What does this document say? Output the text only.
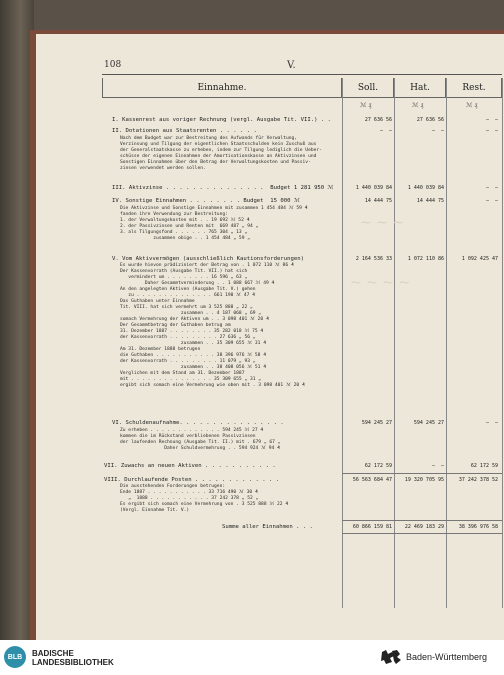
108	V.
Einnahme.	Soll.	Hat.	Rest.
ℳ ₰	ℳ ₰	ℳ ₰
~ ~ ~
~ ~ ~ ~
I. Kassenrest aus voriger Rechnung (vergl. Ausgabe Tit. VII.) . .	27 636 56	27 636 56	—  —
II. Dotationen aus Staatsrenten . . . . . .	—  —	—  —	—  —
Nach dem Budget war zur Bestreitung des Aufwands für Verwaltung,
Verzinsung und Tilgung der eigentlichen Staatsschulden kein Zuschuß aus
der Generalstaatskasse zu erheben, indem zur Tilgung lediglich die Ueber-
schüsse der eigenen Einnahmen der Amortisationskasse an Aktivzinsen und
Sonstigen Einnahmen über den Betrag der Verwaltungskosten und Passiv-
zinsen verwendet werden sollen.
III. Aktivzinse . . . . . . . . . . . . . . .  Budget 1 281 950 ℳ	1 440 039 84	1 440 039 84	—  —
IV. Sonstige Einnahmen . . . . . . . . Budget  15 000 ℳ	14 444 75	14 444 75	—  —
Die Aktivzinse und Sonstige Einnahmen mit zusammen 1 454 484 ℳ 59 ₰
fanden ihre Verwendung zur Bestreitung:
1. der Verwaltungskosten mit . . 19 692 ℳ 52 ₰
2. der Passivzinsen und Renten mit  669 487 „ 94 „
3. als Tilgungsfond . . . . . . 765 304 „ 13 „
zusammen obige . . 1 454 484 „ 59 „
V. Vom Aktivvermögen (ausschließlich Kautionsforderungen)	2 164 536 33	1 072 110 86	1 092 425 47
Es wurde hievon prädiziniert der Betrag von . 1 072 110 ℳ 86 ₰
Der Kassenvorrath (Ausgabe Tit. VII.) hat sich
vermindert um . . . . . . . . 16 596 „ 63 „
Daher Gesammtverminderung . . 1 088 667 ℳ 49 ₰
An den angelegten Aktiven (Ausgabe Tit. V.) gehen
zu . . . . . . . . . . . . . . 661 190 ℳ 47 ₰
Das Guthaben unter Einnahme
Tit. VIII. hat sich vermehrt um 3 525 888 „ 22 „
zusammen . . 4 187 068 „ 69 „
somach Vermehrung der Aktiven um . . 3 098 401 ℳ 20 ₰
Der Gesammtbetrag der Guthaben betrug am
31. Dezember 1887 . . . . . . . . 35 282 018 ℳ 75 ₰
der Kassenvorrath . . . . . . . . . 27 636 „ 56 „
zusammen . . 35 309 655 ℳ 31 ₰
Am 31. Dezember 1888 betrugen
die Guthaben . . . . . . . . . . . 38 396 976 ℳ 58 ₰
der Kassenvorrath . . . . . . . . . 11 079 „ 93 „
zusammen . . 38 408 056 ℳ 51 ₰
Verglichen mit dem Stand am 31. Dezember 1887
mit . . . . . . . . . . . . . . . 35 309 655 „ 31 „
ergibt sich somach eine Vermehrung wie oben mit . 3 098 401 ℳ 20 ₰
VI. Schuldenaufnahme. . . . . . . . . . . . . . . .	594 245 27	594 245 27	—  —
Zu erheben . . . . . . . . . . . . . 594 245 ℳ 27 ₰
kommen die im Rückstand verbliebenen Passivzinsen
der laufenden Rechnung (Ausgabe Tit. II.) mit . 679 „ 67 „
Daher Schuldvermehrung . . 594 924 ℳ 94 ₰
VII. Zuwachs an neuen Aktiven . . . . . . . . . . .	62 172 59	—  —	62 172 59
VIII. Durchlaufende Posten . . . . . . . . . . . . .	56 563 684 47	19 320 705 95	37 242 378 52
Die ausstehenden Forderungen betrugen:
Ende 1887 . . . . . . . . . . . 33 716 490 ℳ 30 ₰
„  1888 . . . . . . . . . . . 37 242 378 „ 52 „
Es ergibt sich somach eine Vermehrung von . 3 525 888 ℳ 22 ₰
(Vergl. Einnahme Tit. V.)
Summe aller Einnahmen . . .	60 866 159 81	22 469 183 29	38 396 976 58
BLB	BADISCHE
LANDESBIBLIOTHEK
Baden-Württemberg
